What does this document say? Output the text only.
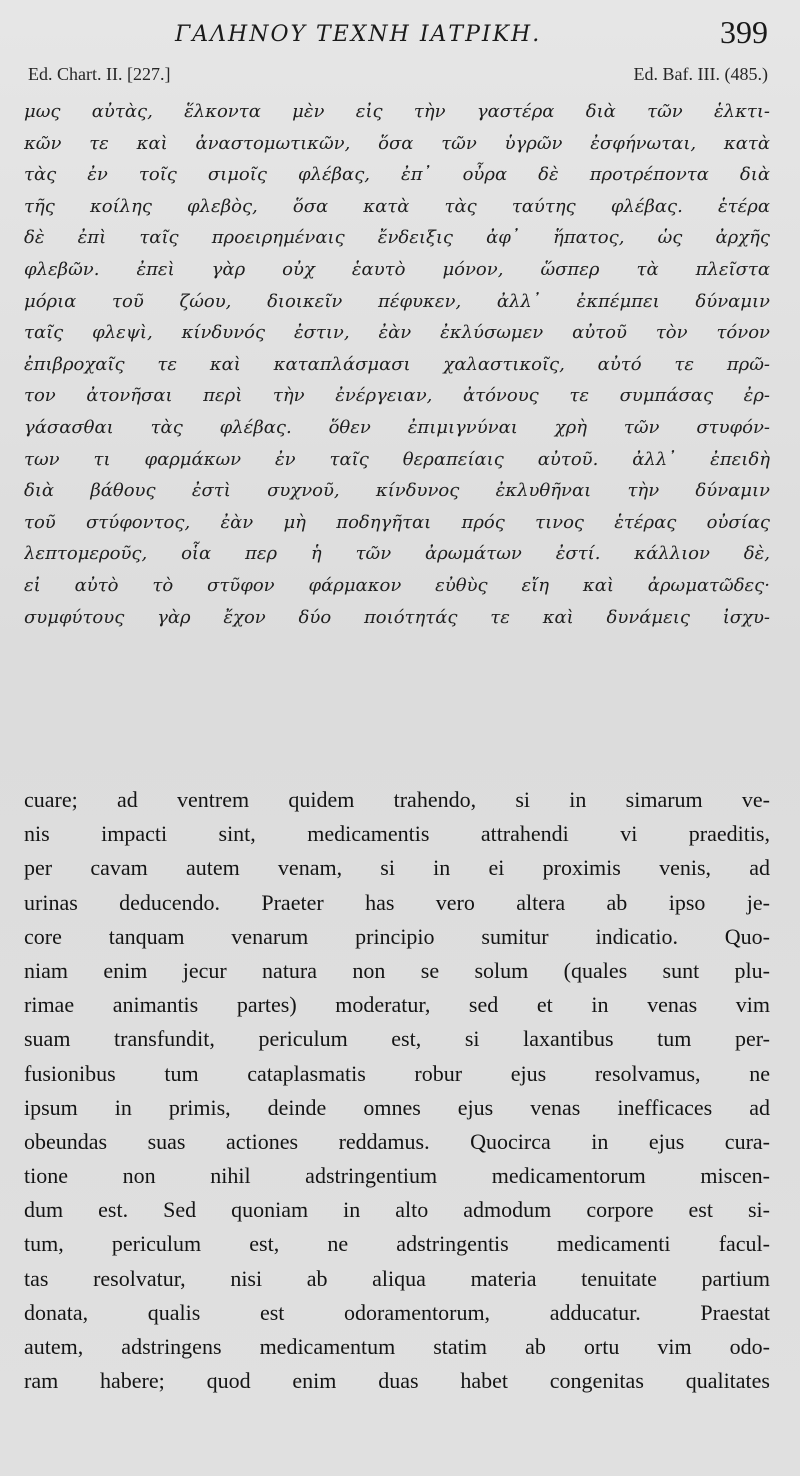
ΓΑΛΗΝΟΥ ΤΕΧΝΗ ΙΑΤΡΙΚΗ.	399
Ed. Chart. II. [227.]	Ed. Baf. III. (485.)
μως αὐτὰς, ἕλκοντα μὲν εἰς τὴν γαστέρα διὰ τῶν ἑλκτι-
κῶν τε καὶ ἀναστομωτικῶν, ὅσα τῶν ὑγρῶν ἐσφήνωται, κατὰ
τὰς ἐν τοῖς σιμοῖς φλέβας, ἐπ᾽ οὖρα δὲ προτρέποντα διὰ
τῆς κοίλης φλεβὸς, ὅσα κατὰ τὰς ταύτης φλέβας. ἑτέρα
δὲ ἐπὶ ταῖς προειρημέναις ἔνδειξις ἀφ᾽ ἥπατος, ὡς ἀρχῆς
φλεβῶν. ἐπεὶ γὰρ οὐχ ἑαυτὸ μόνον, ὥσπερ τὰ πλεῖστα
μόρια τοῦ ζώου, διοικεῖν πέφυκεν, ἀλλ᾽ ἐκπέμπει δύναμιν
ταῖς φλεψὶ, κίνδυνός ἐστιν, ἐὰν ἐκλύσωμεν αὐτοῦ τὸν τόνον
ἐπιβροχαῖς τε καὶ καταπλάσμασι χαλαστικοῖς, αὐτό τε πρῶ-
τον ἀτονῆσαι περὶ τὴν ἐνέργειαν, ἀτόνους τε συμπάσας ἐρ-
γάσασθαι τὰς φλέβας. ὅθεν ἐπιμιγνύναι χρὴ τῶν στυφόν-
των τι φαρμάκων ἐν ταῖς θεραπείαις αὐτοῦ. ἀλλ᾽ ἐπειδὴ
διὰ βάθους ἐστὶ συχνοῦ, κίνδυνος ἐκλυθῆναι τὴν δύναμιν
τοῦ στύφοντος, ἐὰν μὴ ποδηγῆται πρός τινος ἑτέρας οὐσίας
λεπτομεροῦς, οἷα περ ἡ τῶν ἀρωμάτων ἐστί. κάλλιον δὲ,
εἰ αὐτὸ τὸ στῦφον φάρμακον εὐθὺς εἴη καὶ ἀρωματῶδες·
συμφύτους γὰρ ἔχον δύο ποιότητάς τε καὶ δυνάμεις ἰσχυ-
cuare; ad ventrem quidem trahendo, si in simarum ve-
nis impacti sint, medicamentis attrahendi vi praeditis,
per cavam autem venam, si in ei proximis venis, ad
urinas deducendo. Praeter has vero altera ab ipso je-
core tanquam venarum principio sumitur indicatio. Quo-
niam enim jecur natura non se solum (quales sunt plu-
rimae animantis partes) moderatur, sed et in venas vim
suam transfundit, periculum est, si laxantibus tum per-
fusionibus tum cataplasmatis robur ejus resolvamus, ne
ipsum in primis, deinde omnes ejus venas inefficaces ad
obeundas suas actiones reddamus. Quocirca in ejus cura-
tione non nihil adstringentium medicamentorum miscen-
dum est. Sed quoniam in alto admodum corpore est si-
tum, periculum est, ne adstringentis medicamenti facul-
tas resolvatur, nisi ab aliqua materia tenuitate partium
donata, qualis est odoramentorum, adducatur. Praestat
autem, adstringens medicamentum statim ab ortu vim odo-
ram habere; quod enim duas habet congenitas qualitates
